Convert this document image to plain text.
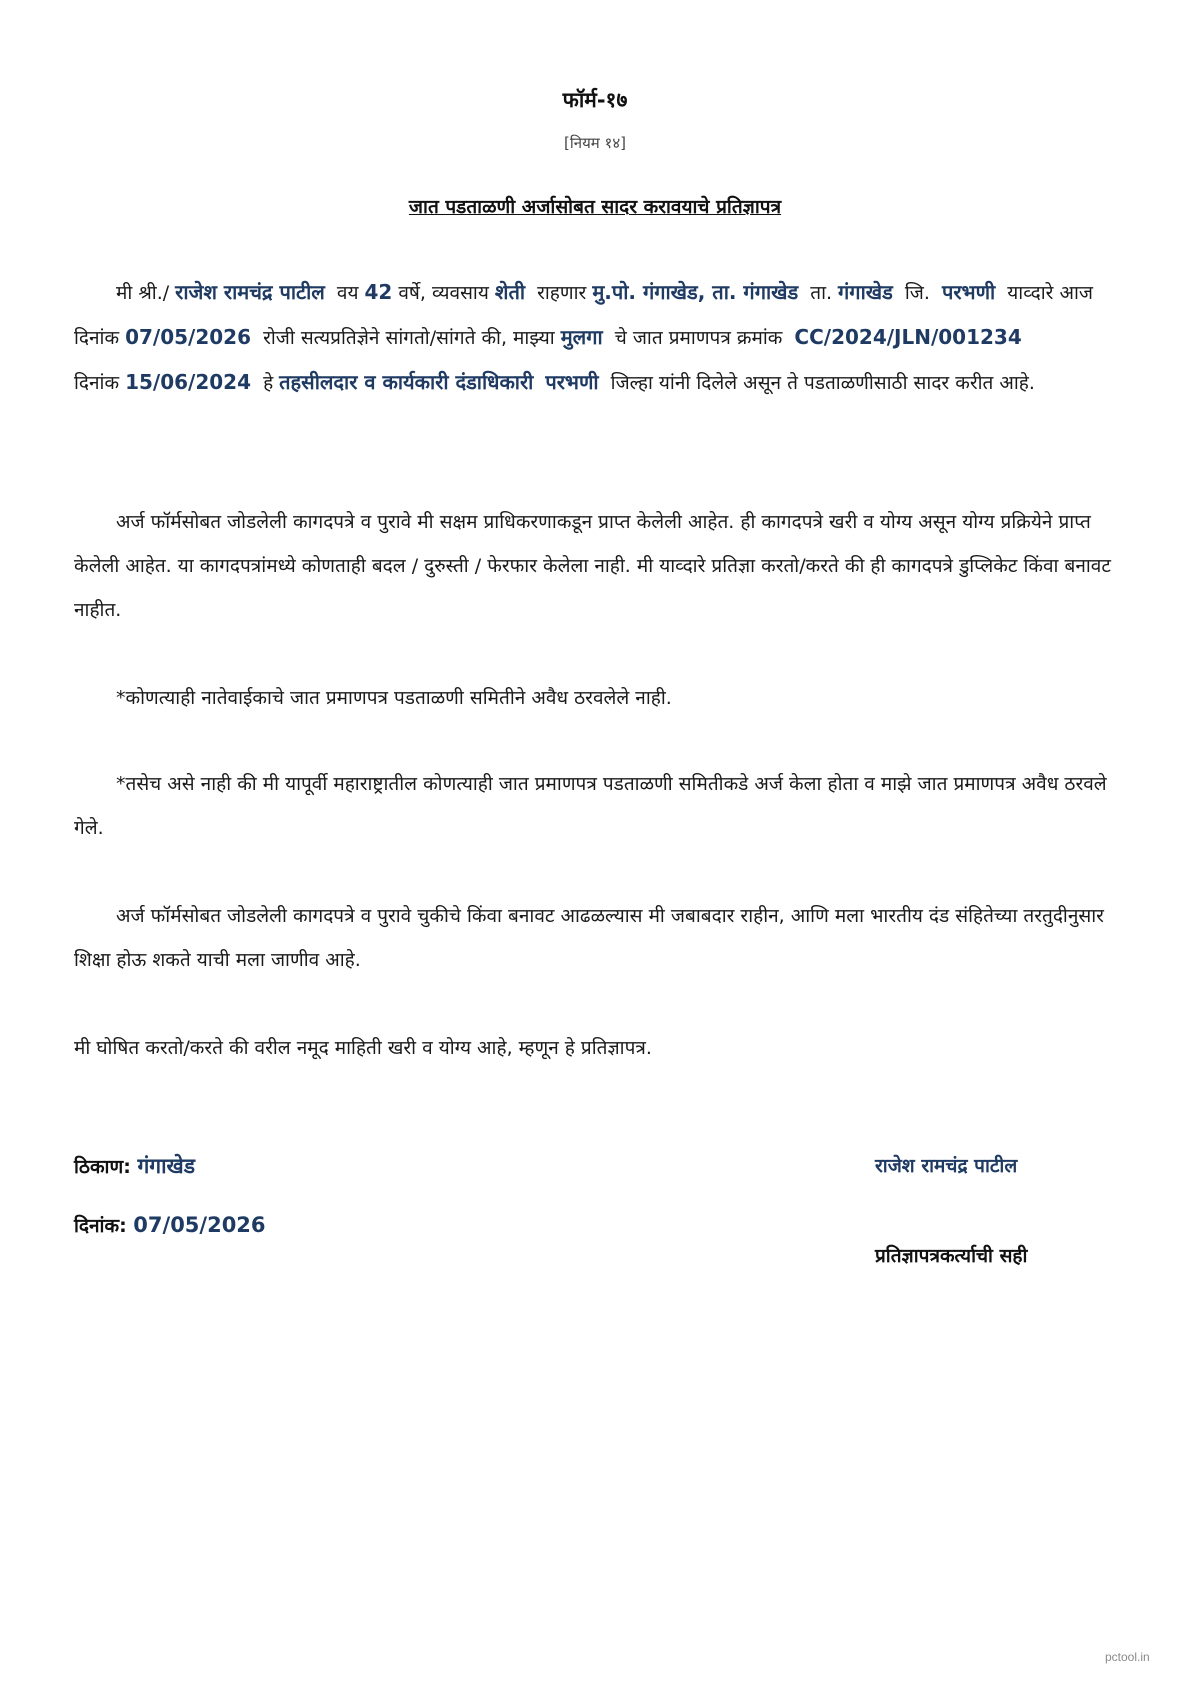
फॉर्म-१७
[नियम १४]
जात पडताळणी अर्जासोबत सादर करावयाचे प्रतिज्ञापत्र
मी श्री./ राजेश रामचंद्र पाटील वय 42 वर्षे, व्यवसाय शेती राहणार मु.पो. गंगाखेड, ता. गंगाखेड ता. गंगाखेड जि. परभणी याव्दारे आज दिनांक 07/05/2026 रोजी सत्यप्रतिज्ञेने सांगतो/सांगते की, माझ्या मुलगा चे जात प्रमाणपत्र क्रमांक CC/2024/JLN/001234 दिनांक 15/06/2024 हे तहसीलदार व कार्यकारी दंडाधिकारी परभणी जिल्हा यांनी दिलेले असून ते पडताळणीसाठी सादर करीत आहे.
अर्ज फॉर्मसोबत जोडलेली कागदपत्रे व पुरावे मी सक्षम प्राधिकरणाकडून प्राप्त केलेली आहेत. ही कागदपत्रे खरी व योग्य असून योग्य प्रक्रियेने प्राप्त केलेली आहेत. या कागदपत्रांमध्ये कोणताही बदल / दुरुस्ती / फेरफार केलेला नाही. मी याव्दारे प्रतिज्ञा करतो/करते की ही कागदपत्रे डुप्लिकेट किंवा बनावट नाहीत.
*कोणत्याही नातेवाईकाचे जात प्रमाणपत्र पडताळणी समितीने अवैध ठरवलेले नाही.
*तसेच असे नाही की मी यापूर्वी महाराष्ट्रातील कोणत्याही जात प्रमाणपत्र पडताळणी समितीकडे अर्ज केला होता व माझे जात प्रमाणपत्र अवैध ठरवले गेले.
अर्ज फॉर्मसोबत जोडलेली कागदपत्रे व पुरावे चुकीचे किंवा बनावट आढळल्यास मी जबाबदार राहीन, आणि मला भारतीय दंड संहितेच्या तरतुदीनुसार शिक्षा होऊ शकते याची मला जाणीव आहे.
मी घोषित करतो/करते की वरील नमूद माहिती खरी व योग्य आहे, म्हणून हे प्रतिज्ञापत्र.
ठिकाण: गंगाखेड
दिनांक: 07/05/2026
राजेश रामचंद्र पाटील
प्रतिज्ञापत्रकर्त्याची सही
pctool.in
